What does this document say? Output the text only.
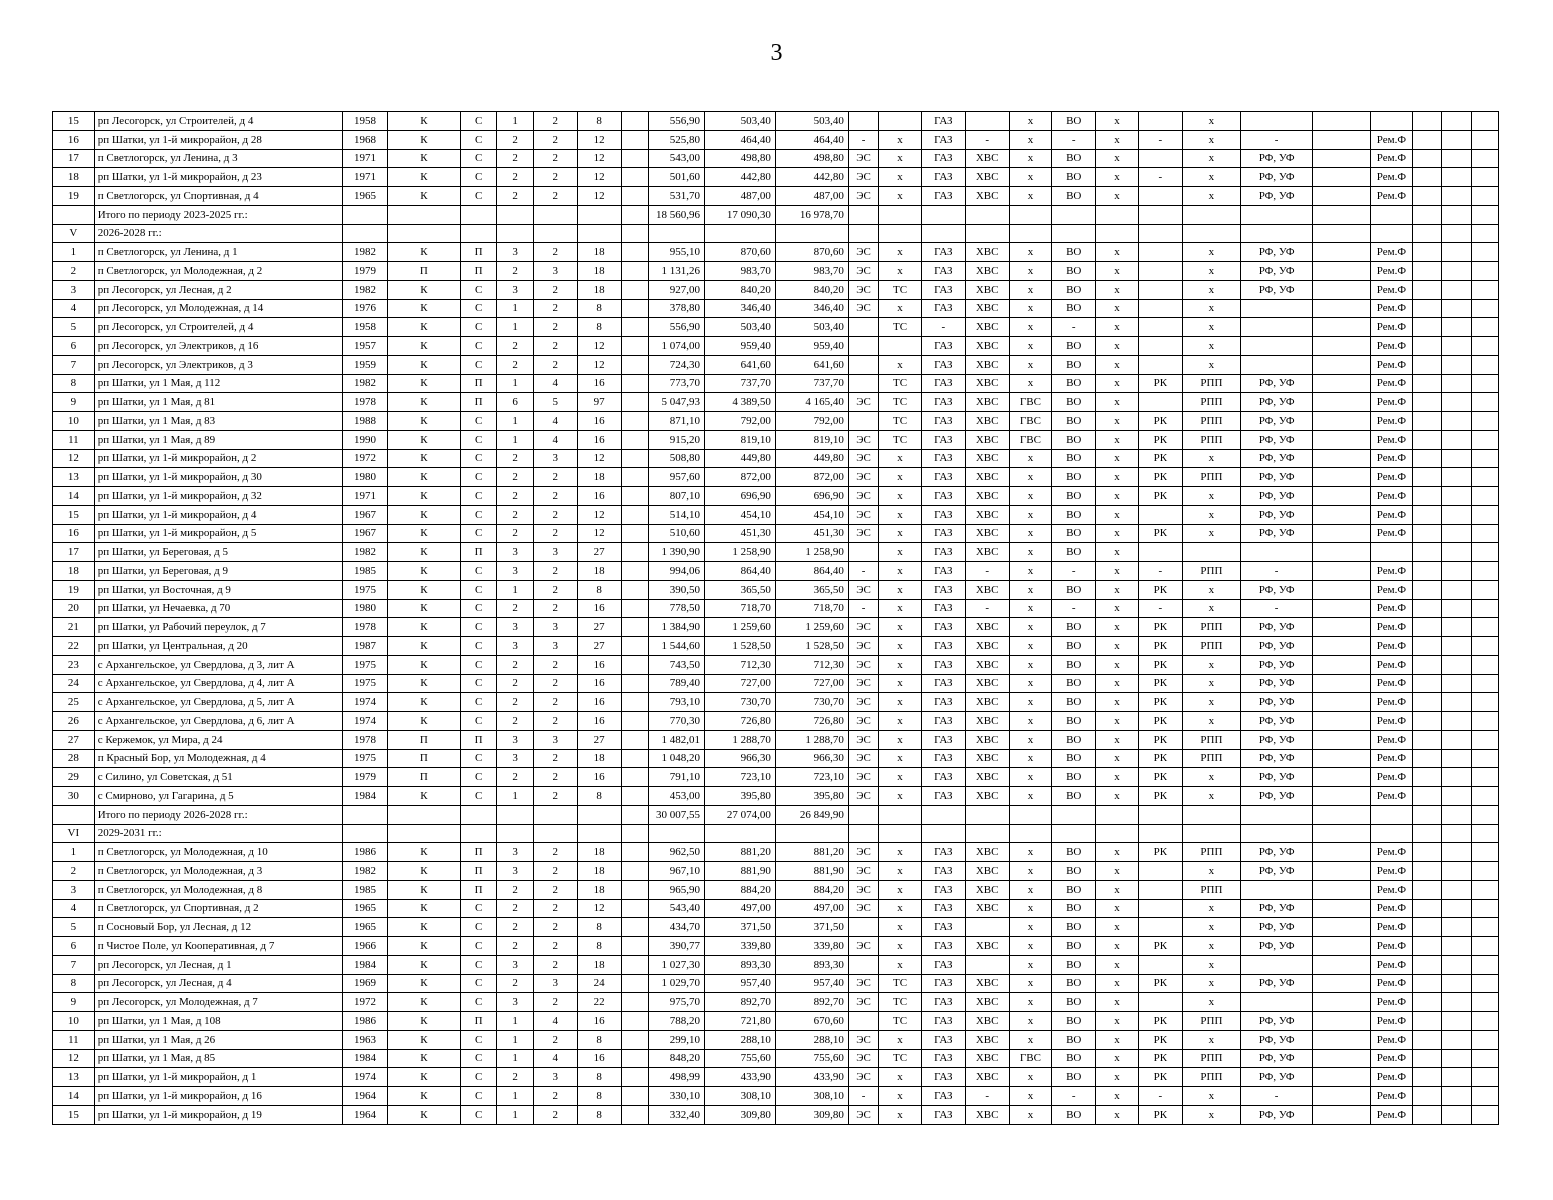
3
15	рп Лесогорск, ул Строителей, д 4	1958	К	С	1	2	8		556,90	503,40	503,40			ГАЗ		х	ВО	х		х						
16	рп Шатки, ул 1-й микрорайон, д 28	1968	К	С	2	2	12		525,80	464,40	464,40	-	х	ГАЗ	-	х	-	х	-	х	-		Рем.Ф			
17	п Светлогорск, ул Ленина, д 3	1971	К	С	2	2	12		543,00	498,80	498,80	ЭС	х	ГАЗ	ХВС	х	ВО	х		х	РФ, УФ		Рем.Ф			
18	рп Шатки, ул 1-й микрорайон, д 23	1971	К	С	2	2	12		501,60	442,80	442,80	ЭС	х	ГАЗ	ХВС	х	ВО	х	-	х	РФ, УФ		Рем.Ф			
19	п Светлогорск, ул Спортивная, д 4	1965	К	С	2	2	12		531,70	487,00	487,00	ЭС	х	ГАЗ	ХВС	х	ВО	х		х	РФ, УФ		Рем.Ф			
	Итого по периоду 2023-2025 гг.:								18 560,96	17 090,30	16 978,70															
V	2026-2028 гг.:																									
1	п Светлогорск, ул Ленина, д 1	1982	К	П	3	2	18		955,10	870,60	870,60	ЭС	х	ГАЗ	ХВС	х	ВО	х		х	РФ, УФ		Рем.Ф			
2	п Светлогорск, ул Молодежная, д 2	1979	П	П	2	3	18		1 131,26	983,70	983,70	ЭС	х	ГАЗ	ХВС	х	ВО	х		х	РФ, УФ		Рем.Ф			
3	рп Лесогорск, ул Лесная, д 2	1982	К	С	3	2	18		927,00	840,20	840,20	ЭС	ТС	ГАЗ	ХВС	х	ВО	х		х	РФ, УФ		Рем.Ф			
4	рп Лесогорск, ул Молодежная, д 14	1976	К	С	1	2	8		378,80	346,40	346,40	ЭС	х	ГАЗ	ХВС	х	ВО	х		х			Рем.Ф			
5	рп Лесогорск, ул Строителей, д 4	1958	К	С	1	2	8		556,90	503,40	503,40		ТС	-	ХВС	х	-	х		х			Рем.Ф			
6	рп Лесогорск, ул Электриков, д 16	1957	К	С	2	2	12		1 074,00	959,40	959,40			ГАЗ	ХВС	х	ВО	х		х			Рем.Ф			
7	рп Лесогорск, ул Электриков, д 3	1959	К	С	2	2	12		724,30	641,60	641,60		х	ГАЗ	ХВС	х	ВО	х		х			Рем.Ф			
8	рп Шатки, ул 1 Мая, д 112	1982	К	П	1	4	16		773,70	737,70	737,70		ТС	ГАЗ	ХВС	х	ВО	х	РК	РПП	РФ, УФ		Рем.Ф			
9	рп Шатки, ул 1 Мая, д 81	1978	К	П	6	5	97		5 047,93	4 389,50	4 165,40	ЭС	ТС	ГАЗ	ХВС	ГВС	ВО	х		РПП	РФ, УФ		Рем.Ф			
10	рп Шатки, ул 1 Мая, д 83	1988	К	С	1	4	16		871,10	792,00	792,00		ТС	ГАЗ	ХВС	ГВС	ВО	х	РК	РПП	РФ, УФ		Рем.Ф			
11	рп Шатки, ул 1 Мая, д 89	1990	К	С	1	4	16		915,20	819,10	819,10	ЭС	ТС	ГАЗ	ХВС	ГВС	ВО	х	РК	РПП	РФ, УФ		Рем.Ф			
12	рп Шатки, ул 1-й микрорайон, д 2	1972	К	С	2	3	12		508,80	449,80	449,80	ЭС	х	ГАЗ	ХВС	х	ВО	х	РК	х	РФ, УФ		Рем.Ф			
13	рп Шатки, ул 1-й микрорайон, д 30	1980	К	С	2	2	18		957,60	872,00	872,00	ЭС	х	ГАЗ	ХВС	х	ВО	х	РК	РПП	РФ, УФ		Рем.Ф			
14	рп Шатки, ул 1-й микрорайон, д 32	1971	К	С	2	2	16		807,10	696,90	696,90	ЭС	х	ГАЗ	ХВС	х	ВО	х	РК	х	РФ, УФ		Рем.Ф			
15	рп Шатки, ул 1-й микрорайон, д 4	1967	К	С	2	2	12		514,10	454,10	454,10	ЭС	х	ГАЗ	ХВС	х	ВО	х		х	РФ, УФ		Рем.Ф			
16	рп Шатки, ул 1-й микрорайон, д 5	1967	К	С	2	2	12		510,60	451,30	451,30	ЭС	х	ГАЗ	ХВС	х	ВО	х	РК	х	РФ, УФ		Рем.Ф			
17	рп Шатки, ул Береговая, д 5	1982	К	П	3	3	27		1 390,90	1 258,90	1 258,90		х	ГАЗ	ХВС	х	ВО	х								
18	рп Шатки, ул Береговая, д 9	1985	К	С	3	2	18		994,06	864,40	864,40	-	х	ГАЗ	-	х	-	х	-	РПП	-		Рем.Ф			
19	рп Шатки, ул Восточная, д 9	1975	К	С	1	2	8		390,50	365,50	365,50	ЭС	х	ГАЗ	ХВС	х	ВО	х	РК	х	РФ, УФ		Рем.Ф			
20	рп Шатки, ул Нечаевка, д 70	1980	К	С	2	2	16		778,50	718,70	718,70	-	х	ГАЗ	-	х	-	х	-	х	-		Рем.Ф			
21	рп Шатки, ул Рабочий переулок, д 7	1978	К	С	3	3	27		1 384,90	1 259,60	1 259,60	ЭС	х	ГАЗ	ХВС	х	ВО	х	РК	РПП	РФ, УФ		Рем.Ф			
22	рп Шатки, ул Центральная, д 20	1987	К	С	3	3	27		1 544,60	1 528,50	1 528,50	ЭС	х	ГАЗ	ХВС	х	ВО	х	РК	РПП	РФ, УФ		Рем.Ф			
23	с Архангельское, ул Свердлова, д 3, лит А	1975	К	С	2	2	16		743,50	712,30	712,30	ЭС	х	ГАЗ	ХВС	х	ВО	х	РК	х	РФ, УФ		Рем.Ф			
24	с Архангельское, ул Свердлова, д 4, лит А	1975	К	С	2	2	16		789,40	727,00	727,00	ЭС	х	ГАЗ	ХВС	х	ВО	х	РК	х	РФ, УФ		Рем.Ф			
25	с Архангельское, ул Свердлова, д 5, лит А	1974	К	С	2	2	16		793,10	730,70	730,70	ЭС	х	ГАЗ	ХВС	х	ВО	х	РК	х	РФ, УФ		Рем.Ф			
26	с Архангельское, ул Свердлова, д 6, лит А	1974	К	С	2	2	16		770,30	726,80	726,80	ЭС	х	ГАЗ	ХВС	х	ВО	х	РК	х	РФ, УФ		Рем.Ф			
27	с Кержемок, ул Мира, д 24	1978	П	П	3	3	27		1 482,01	1 288,70	1 288,70	ЭС	х	ГАЗ	ХВС	х	ВО	х	РК	РПП	РФ, УФ		Рем.Ф			
28	п Красный Бор, ул Молодежная, д 4	1975	П	С	3	2	18		1 048,20	966,30	966,30	ЭС	х	ГАЗ	ХВС	х	ВО	х	РК	РПП	РФ, УФ		Рем.Ф			
29	с Силино, ул Советская, д 51	1979	П	С	2	2	16		791,10	723,10	723,10	ЭС	х	ГАЗ	ХВС	х	ВО	х	РК	х	РФ, УФ		Рем.Ф			
30	с Смирново, ул Гагарина, д 5	1984	К	С	1	2	8		453,00	395,80	395,80	ЭС	х	ГАЗ	ХВС	х	ВО	х	РК	х	РФ, УФ		Рем.Ф			
	Итого по периоду 2026-2028 гг.:								30 007,55	27 074,00	26 849,90															
VI	2029-2031 гг.:																									
1	п Светлогорск, ул Молодежная, д 10	1986	К	П	3	2	18		962,50	881,20	881,20	ЭС	х	ГАЗ	ХВС	х	ВО	х	РК	РПП	РФ, УФ		Рем.Ф			
2	п Светлогорск, ул Молодежная, д 3	1982	К	П	3	2	18		967,10	881,90	881,90	ЭС	х	ГАЗ	ХВС	х	ВО	х		х	РФ, УФ		Рем.Ф			
3	п Светлогорск, ул Молодежная, д 8	1985	К	П	2	2	18		965,90	884,20	884,20	ЭС	х	ГАЗ	ХВС	х	ВО	х		РПП			Рем.Ф			
4	п Светлогорск, ул Спортивная, д 2	1965	К	С	2	2	12		543,40	497,00	497,00	ЭС	х	ГАЗ	ХВС	х	ВО	х		х	РФ, УФ		Рем.Ф			
5	п Сосновый Бор, ул Лесная, д 12	1965	К	С	2	2	8		434,70	371,50	371,50		х	ГАЗ		х	ВО	х		х	РФ, УФ		Рем.Ф			
6	п Чистое Поле, ул Кооперативная, д 7	1966	К	С	2	2	8		390,77	339,80	339,80	ЭС	х	ГАЗ	ХВС	х	ВО	х	РК	х	РФ, УФ		Рем.Ф			
7	рп Лесогорск, ул Лесная, д 1	1984	К	С	3	2	18		1 027,30	893,30	893,30		х	ГАЗ		х	ВО	х		х			Рем.Ф			
8	рп Лесогорск, ул Лесная, д 4	1969	К	С	2	3	24		1 029,70	957,40	957,40	ЭС	ТС	ГАЗ	ХВС	х	ВО	х	РК	х	РФ, УФ		Рем.Ф			
9	рп Лесогорск, ул Молодежная, д 7	1972	К	С	3	2	22		975,70	892,70	892,70	ЭС	ТС	ГАЗ	ХВС	х	ВО	х		х			Рем.Ф			
10	рп Шатки, ул 1 Мая, д 108	1986	К	П	1	4	16		788,20	721,80	670,60		ТС	ГАЗ	ХВС	х	ВО	х	РК	РПП	РФ, УФ		Рем.Ф			
11	рп Шатки, ул 1 Мая, д 26	1963	К	С	1	2	8		299,10	288,10	288,10	ЭС	х	ГАЗ	ХВС	х	ВО	х	РК	х	РФ, УФ		Рем.Ф			
12	рп Шатки, ул 1 Мая, д 85	1984	К	С	1	4	16		848,20	755,60	755,60	ЭС	ТС	ГАЗ	ХВС	ГВС	ВО	х	РК	РПП	РФ, УФ		Рем.Ф			
13	рп Шатки, ул 1-й микрорайон, д 1	1974	К	С	2	3	8		498,99	433,90	433,90	ЭС	х	ГАЗ	ХВС	х	ВО	х	РК	РПП	РФ, УФ		Рем.Ф			
14	рп Шатки, ул 1-й микрорайон, д 16	1964	К	С	1	2	8		330,10	308,10	308,10	-	х	ГАЗ	-	х	-	х	-	х	-		Рем.Ф			
15	рп Шатки, ул 1-й микрорайон, д 19	1964	К	С	1	2	8		332,40	309,80	309,80	ЭС	х	ГАЗ	ХВС	х	ВО	х	РК	х	РФ, УФ		Рем.Ф			
